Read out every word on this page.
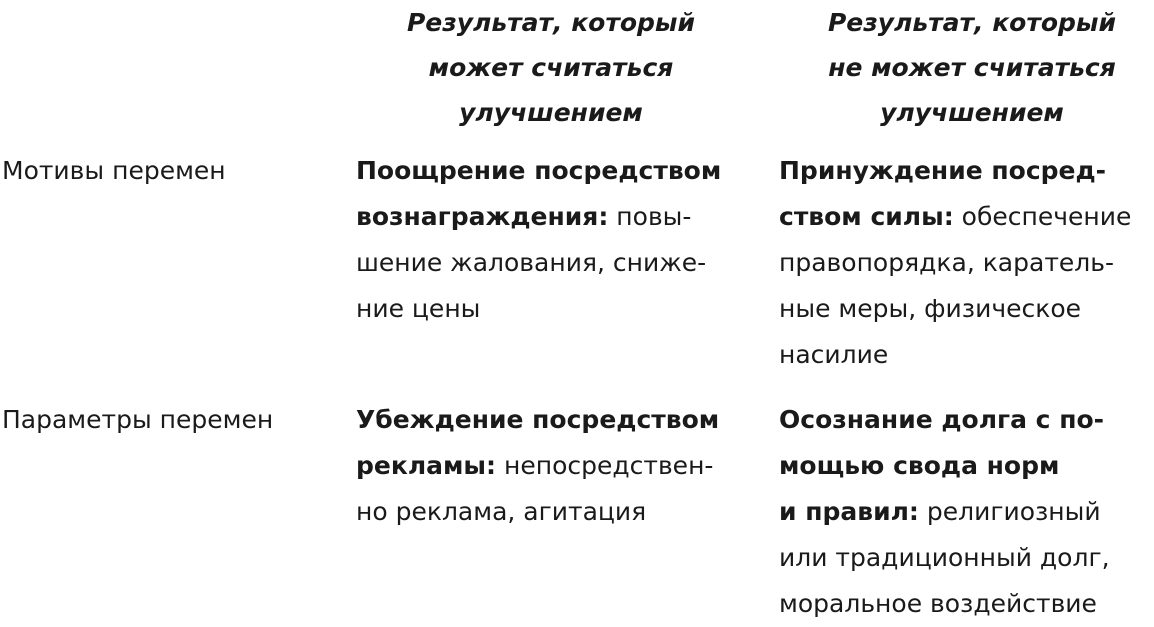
Результат, который
может считаться
улучшением
Результат, который
не может считаться
улучшением
Мотивы перемен
Параметры перемен
Поощрение посредством
вознаграждения: повы-
шение жалования, сниже-
ние цены
Принуждение посред-
ством силы: обеспечение
правопорядка, каратель-
ные меры, физическое
насилие
Убеждение посредством
рекламы: непосредствен-
но реклама, агитация
Осознание долга с по-
мощью свода норм
и правил: религиозный
или традиционный долг,
моральное воздействие
